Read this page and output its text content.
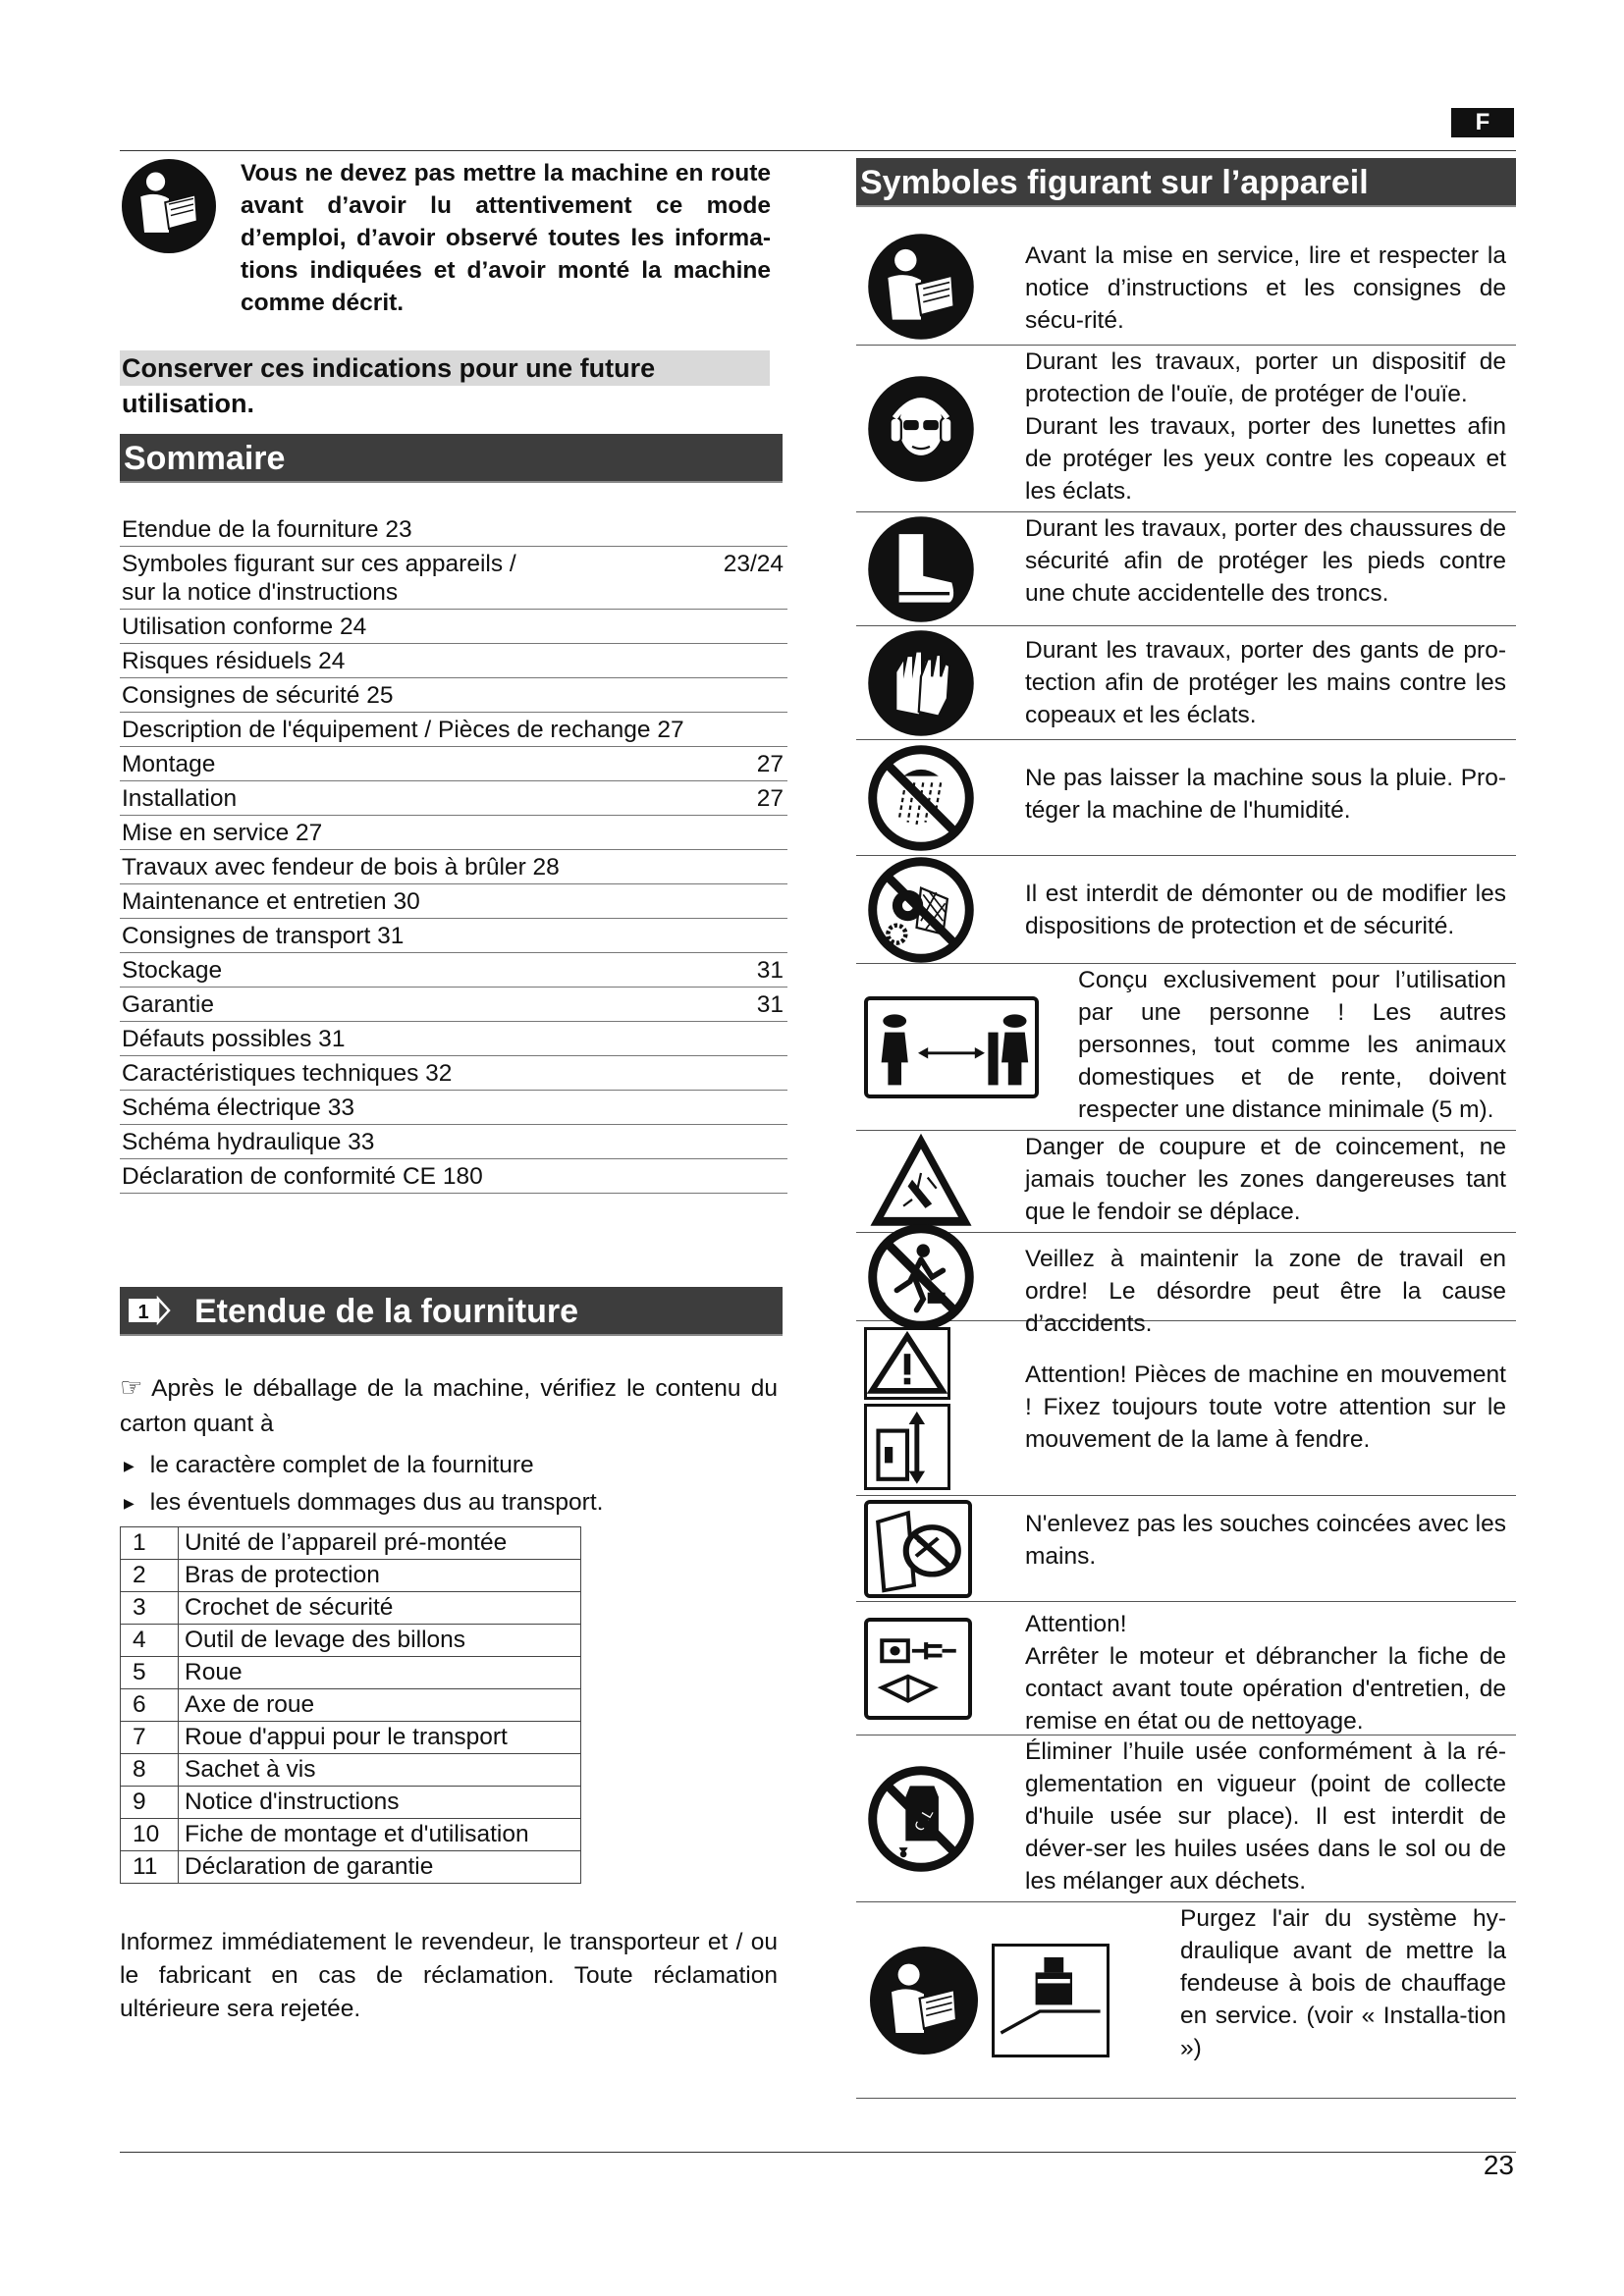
F
Vous ne devez pas mettre la machine en route avant d’avoir lu attentivement ce mode d’emploi, d’avoir observé toutes les informa-tions indiquées et d’avoir monté la machine comme décrit.
Conserver ces indications pour une future utilisation.
Sommaire
Etendue de la fourniture 23
Symboles figurant sur ces appareils /
sur la notice d'instructions
23/24
Utilisation conforme 24
Risques résiduels 24
Consignes de sécurité 25
Description de l'équipement / Pièces de rechange 27
Montage	27
Installation	27
Mise en service 27
Travaux avec fendeur de bois à brûler 28
Maintenance et entretien 30
Consignes de transport 31
Stockage	31
Garantie	31
Défauts possibles 31
Caractéristiques techniques 32
Schéma électrique 33
Schéma hydraulique 33
Déclaration de conformité CE 180
1 Etendue de la fourniture
☞ Après le déballage de la machine, vérifiez le contenu du carton quant à
▶ le caractère complet de la fourniture
▶ les éventuels dommages dus au transport.
1	Unité de l’appareil pré-montée
2	Bras de protection
3	Crochet de sécurité
4	Outil de levage des billons
5	Roue
6	Axe de roue
7	Roue d'appui pour le transport
8	Sachet à vis
9	Notice d'instructions
10	Fiche de montage et d'utilisation
11	Déclaration de garantie
Informez immédiatement le revendeur, le transporteur et / ou le fabricant en cas de réclamation. Toute réclamation ultérieure sera rejetée.
Symboles figurant sur l’appareil
Avant la mise en service, lire et respecter la notice d’instructions et les consignes de sécu-rité.
Durant les travaux, porter un dispositif de protection de l'ouïe, de protéger de l'ouïe.
Durant les travaux, porter des lunettes afin de protéger les yeux contre les copeaux et les éclats.
Durant les travaux, porter des chaussures de sécurité afin de protéger les pieds contre une chute accidentelle des troncs.
Durant les travaux, porter des gants de pro-tection afin de protéger les mains contre les copeaux et les éclats.
Ne pas laisser la machine sous la pluie. Pro-téger la machine de l'humidité.
Il est interdit de démonter ou de modifier les dispositions de protection et de sécurité.
Conçu exclusivement pour l’utilisation par une personne ! Les autres personnes, tout comme les animaux domestiques et de rente, doivent respecter une distance minimale (5 m).
Danger de coupure et de coincement, ne jamais toucher les zones dangereuses tant que le fendoir se déplace.
Veillez à maintenir la zone de travail en ordre! Le désordre peut être la cause d’accidents.
Attention! Pièces de machine en mouvement ! Fixez toujours toute votre attention sur le mouvement de la lame à fendre.
N'enlevez pas les souches coincées avec les mains.
Attention!
Arrêter le moteur et débrancher la fiche de contact avant toute opération d'entretien, de remise en état ou de nettoyage.
Éliminer l’huile usée conformément à la ré-glementation en vigueur (point de collecte d'huile usée sur place). Il est interdit de déver-ser les huiles usées dans le sol ou de les mélanger aux déchets.
Purgez l'air du système hy-draulique avant de mettre la fendeuse à bois de chauffage en service. (voir « Installa-tion »)
23
